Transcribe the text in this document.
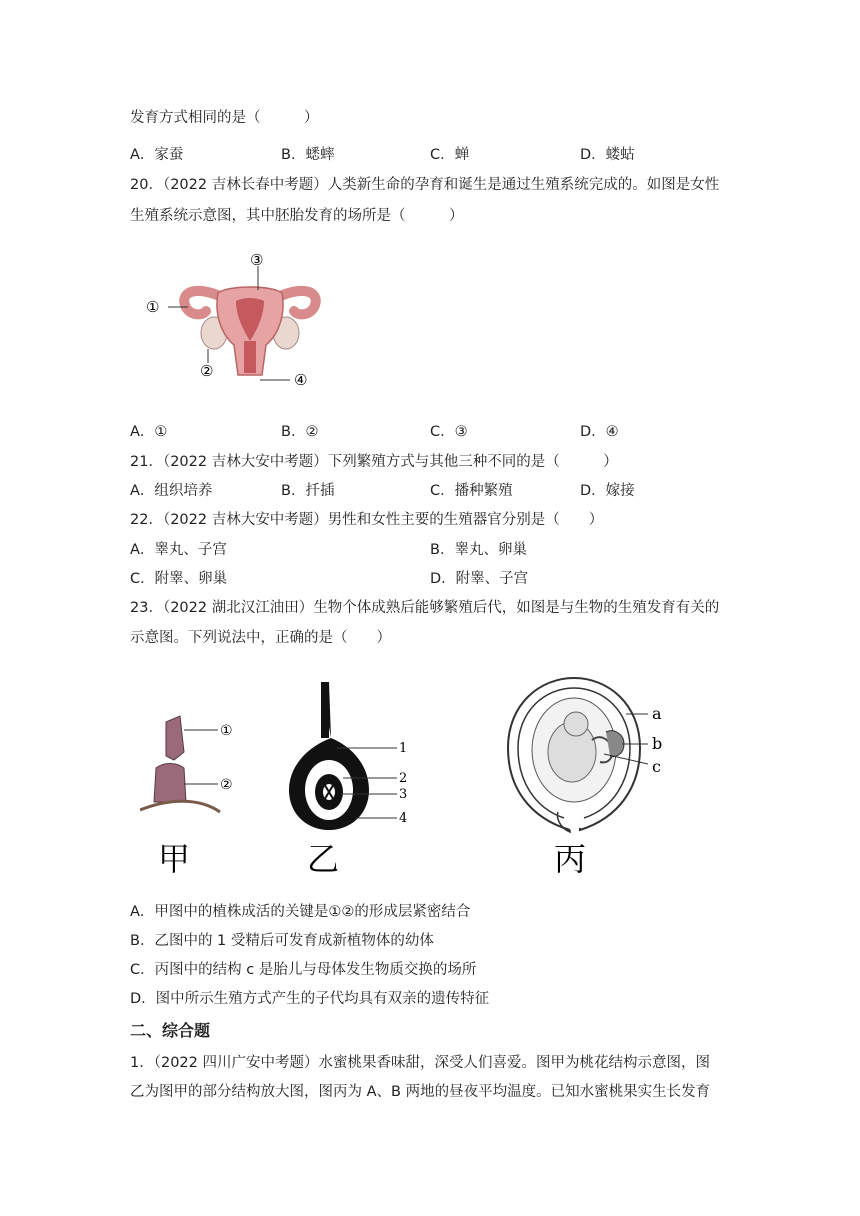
发育方式相同的是（　　　）
A．家蚕	B．蟋蟀	C．蝉	D．蝼蛄
20．（2022 吉林长春中考题）人类新生命的孕育和诞生是通过生殖系统完成的。如图是女性
生殖系统示意图，其中胚胎发育的场所是（　　　）
③
①
②	④
A．①	B．②	C．③	D．④
21．（2022 吉林大安中考题）下列繁殖方式与其他三种不同的是（　　　）
A．组织培养	B．扦插	C．播种繁殖	D．嫁接
22．（2022 吉林大安中考题）男性和女性主要的生殖器官分别是（　　）
A．睾丸、子宫	B．睾丸、卵巢
C．附睾、卵巢	D．附睾、子宫
23．（2022 湖北汉江油田）生物个体成熟后能够繁殖后代，如图是与生物的生殖发育有关的
示意图。下列说法中，正确的是（　　）
①
②
甲
1
2
3
4
乙
a
b
c
丙
A．甲图中的植株成活的关键是①②的形成层紧密结合
B．乙图中的 1 受精后可发育成新植物体的幼体
C．丙图中的结构 c 是胎儿与母体发生物质交换的场所
D．图中所示生殖方式产生的子代均具有双亲的遗传特征
二、综合题
1．（2022 四川广安中考题）水蜜桃果香味甜，深受人们喜爱。图甲为桃花结构示意图，图
乙为图甲的部分结构放大图，图丙为 A、B 两地的昼夜平均温度。已知水蜜桃果实生长发育
